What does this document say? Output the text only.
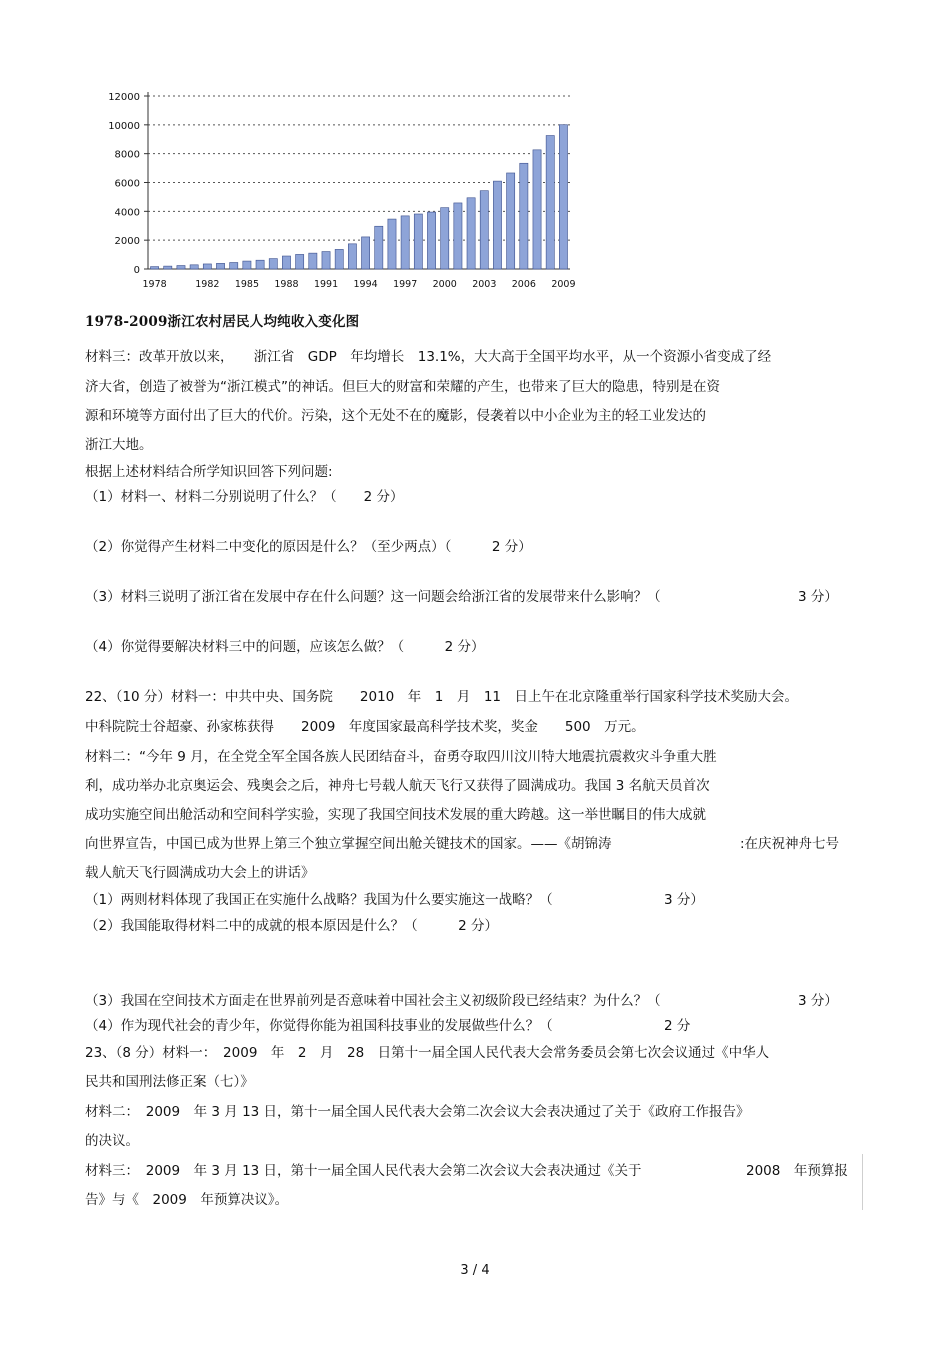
0
2000
4000
6000
8000
10000
12000
1978	1982 1985 1988 1991 1994 1997 2000 2003 2006 2009
1978-2009浙江农村居民人均纯收入变化图
材料三：改革开放以来，　　浙江省　GDP　年均增长　13.1%，大大高于全国平均水平，从一个资源小省变成了经
济大省，创造了被誉为“浙江模式”的神话。但巨大的财富和荣耀的产生，也带来了巨大的隐患，特别是在资
源和环境等方面付出了巨大的代价。污染，这个无处不在的魔影，侵袭着以中小企业为主的轻工业发达的
浙江大地。
根据上述材料结合所学知识回答下列问题:
（1）材料一、材料二分别说明了什么？（　　2 分）
（2）你觉得产生材料二中变化的原因是什么？（至少两点）（　　　2 分）
（3）材料三说明了浙江省在发展中存在什么问题？这一问题会给浙江省的发展带来什么影响？（	3 分）
（4）你觉得要解决材料三中的问题，应该怎么做？（　　　2 分）
22、（10 分）材料一：中共中央、国务院　　2010　年　1　月　11　日上午在北京隆重举行国家科学技术奖励大会。
中科院院士谷超豪、孙家栋获得　　2009　年度国家最高科学技术奖，奖金　　500　万元。
材料二：“今年 9 月，在全党全军全国各族人民团结奋斗，奋勇夺取四川汶川特大地震抗震救灾斗争重大胜
利，成功举办北京奥运会、残奥会之后，神舟七号载人航天飞行又获得了圆满成功。我国 3 名航天员首次
成功实施空间出舱活动和空间科学实验，实现了我国空间技术发展的重大跨越。这一举世瞩目的伟大成就
向世界宣告，中国已成为世界上第三个独立掌握空间出舱关键技术的国家。——《胡锦涛	:在庆祝神舟七号
载人航天飞行圆满成功大会上的讲话》
（1）两则材料体现了我国正在实施什么战略？我国为什么要实施这一战略？（	3 分）
（2）我国能取得材料二中的成就的根本原因是什么？（　　　2 分）
（3）我国在空间技术方面走在世界前列是否意味着中国社会主义初级阶段已经结束？为什么？（	3 分）
（4）作为现代社会的青少年，你觉得你能为祖国科技事业的发展做些什么？（	2 分
23、（8 分）材料一：　2009　年　2　月　28　日第十一届全国人民代表大会常务委员会第七次会议通过《中华人
民共和国刑法修正案（七）》
材料二：　2009　年 3 月 13 日，第十一届全国人民代表大会第二次会议大会表决通过了关于《政府工作报告》
的决议。
材料三：　2009　年 3 月 13 日，第十一届全国人民代表大会第二次会议大会表决通过《关于	2008　年预算报
告》与《　2009　年预算决议》。
3 / 4
